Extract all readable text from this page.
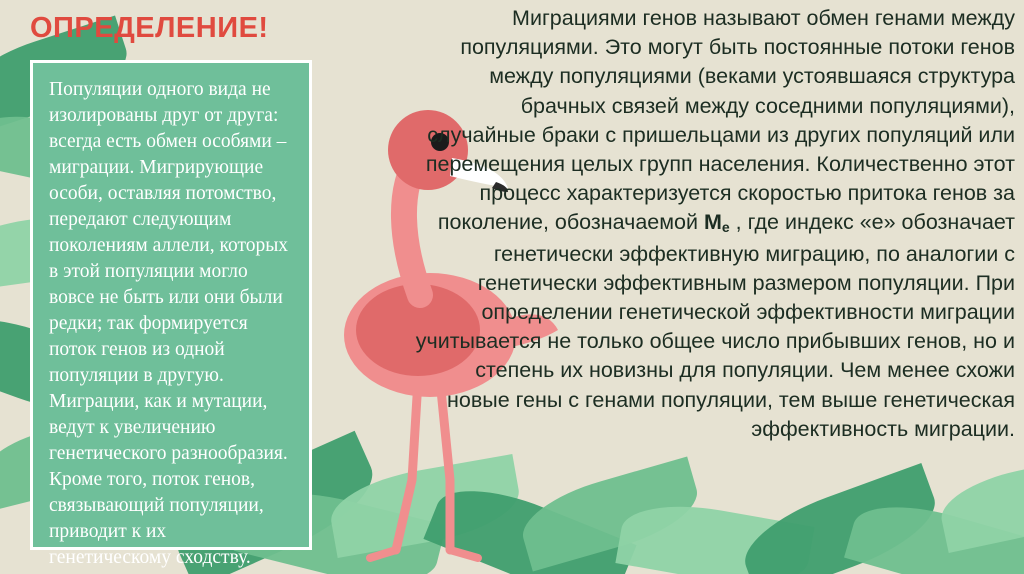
ОПРЕДЕЛЕНИЕ!
Популяции одного вида не изолированы друг от друга: всегда есть обмен особями – миграции. Мигрирующие особи, оставляя потомство, передают следующим поколениям аллели, которых в этой популяции могло вовсе не быть или они были редки; так формируется поток генов из одной популяции в другую. Миграции, как и мутации, ведут к увеличению генетического разнообразия. Кроме того, поток генов, связывающий популяции, приводит к их генетическому сходству.
Миграциями генов называют обмен генами между популяциями. Это могут быть постоянные потоки генов между популяциями (веками устоявшаяся структура брачных связей между соседними популяциями), случайные браки с пришельцами из других популяций или перемещения целых групп населения. Количественно этот процесс характеризуется скоростью притока генов за поколение, обозначаемой $M_e$ , где индекс «e» обозначает генетически эффективную миграцию, по аналогии с генетически эффективным размером популяции. При определении генетической эффективности миграции учитывается не только общее число прибывших генов, но и степень их новизны для популяции. Чем менее схожи новые гены с генами популяции, тем выше генетическая эффективность миграции.
